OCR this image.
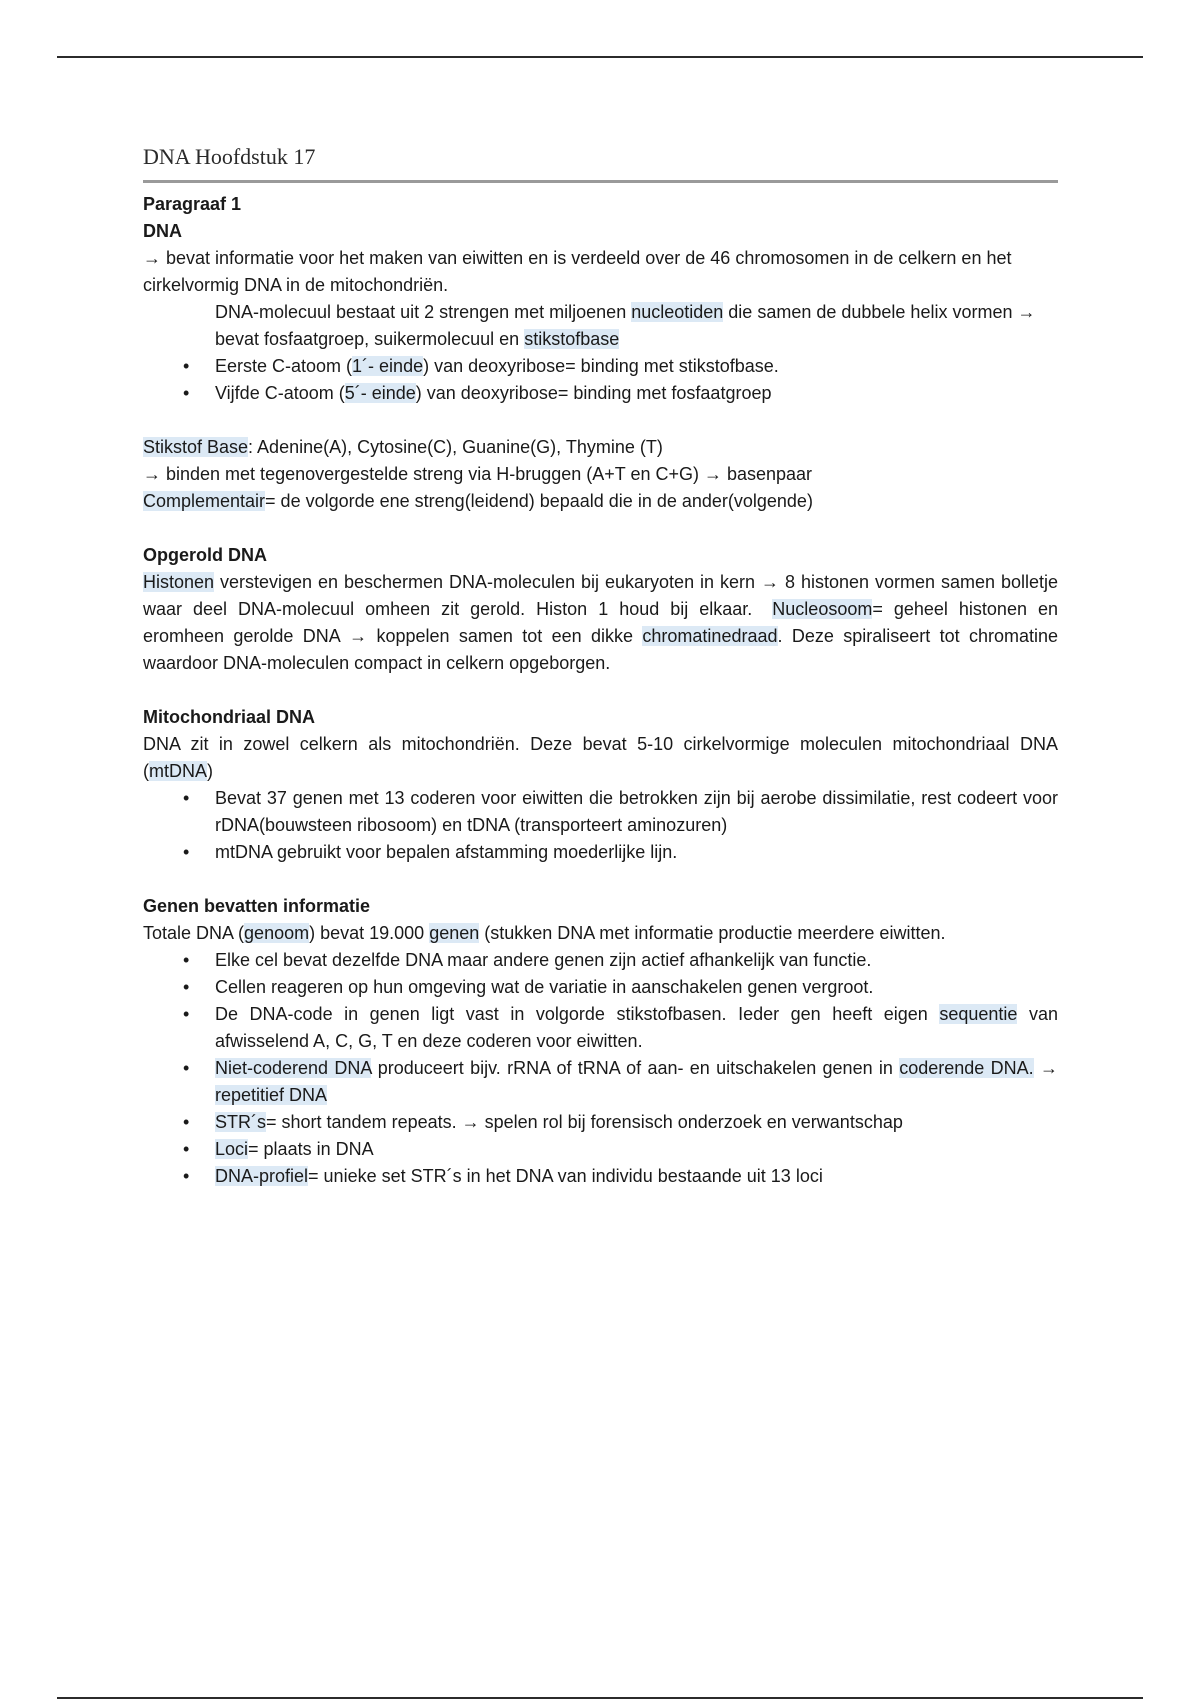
DNA Hoofdstuk 17

Paragraaf 1

DNA

→ bevat informatie voor het maken van eiwitten en is verdeeld over de 46 chromosomen in de celkern en het cirkelvormig DNA in de mitochondriën.

DNA-molecuul bestaat uit 2 strengen met miljoenen nucleotiden die samen de dubbele helix vormen → bevat fosfaatgroep, suikermolecuul en stikstofbase

• Eerste C-atoom (1´- einde) van deoxyribose= binding met stikstofbase.
• Vijfde C-atoom (5´- einde) van deoxyribose= binding met fosfaatgroep

Stikstof Base: Adenine(A), Cytosine(C), Guanine(G), Thymine (T)

→ binden met tegenovergestelde streng via H-bruggen (A+T en C+G) → basenpaar

Complementair= de volgorde ene streng(leidend) bepaald die in de ander(volgende)

Opgerold DNA

Histonen verstevigen en beschermen DNA-moleculen bij eukaryoten in kern → 8 histonen vormen samen bolletje waar deel DNA-molecuul omheen zit gerold. Histon 1 houd bij elkaar. Nucleosoom= geheel histonen en eromheen gerolde DNA → koppelen samen tot een dikke chromatinedraad. Deze spiraliseert tot chromatine waardoor DNA-moleculen compact in celkern opgeborgen.

Mitochondriaal DNA

DNA zit in zowel celkern als mitochondriën. Deze bevat 5-10 cirkelvormige moleculen mitochondriaal DNA (mtDNA)

• Bevat 37 genen met 13 coderen voor eiwitten die betrokken zijn bij aerobe dissimilatie, rest codeert voor rDNA(bouwsteen ribosoom) en tDNA (transporteert aminozuren)
• mtDNA gebruikt voor bepalen afstamming moederlijke lijn.

Genen bevatten informatie

Totale DNA (genoom) bevat 19.000 genen (stukken DNA met informatie productie meerdere eiwitten.

• Elke cel bevat dezelfde DNA maar andere genen zijn actief afhankelijk van functie.
• Cellen reageren op hun omgeving wat de variatie in aanschakelen genen vergroot.
• De DNA-code in genen ligt vast in volgorde stikstofbasen. Ieder gen heeft eigen sequentie van afwisselend A, C, G, T en deze coderen voor eiwitten.
• Niet-coderend DNA produceert bijv. rRNA of tRNA of aan- en uitschakelen genen in coderende DNA. → repetitief DNA
• STR´s= short tandem repeats. → spelen rol bij forensisch onderzoek en verwantschap
• Loci= plaats in DNA
• DNA-profiel= unieke set STR´s in het DNA van individu bestaande uit 13 loci
